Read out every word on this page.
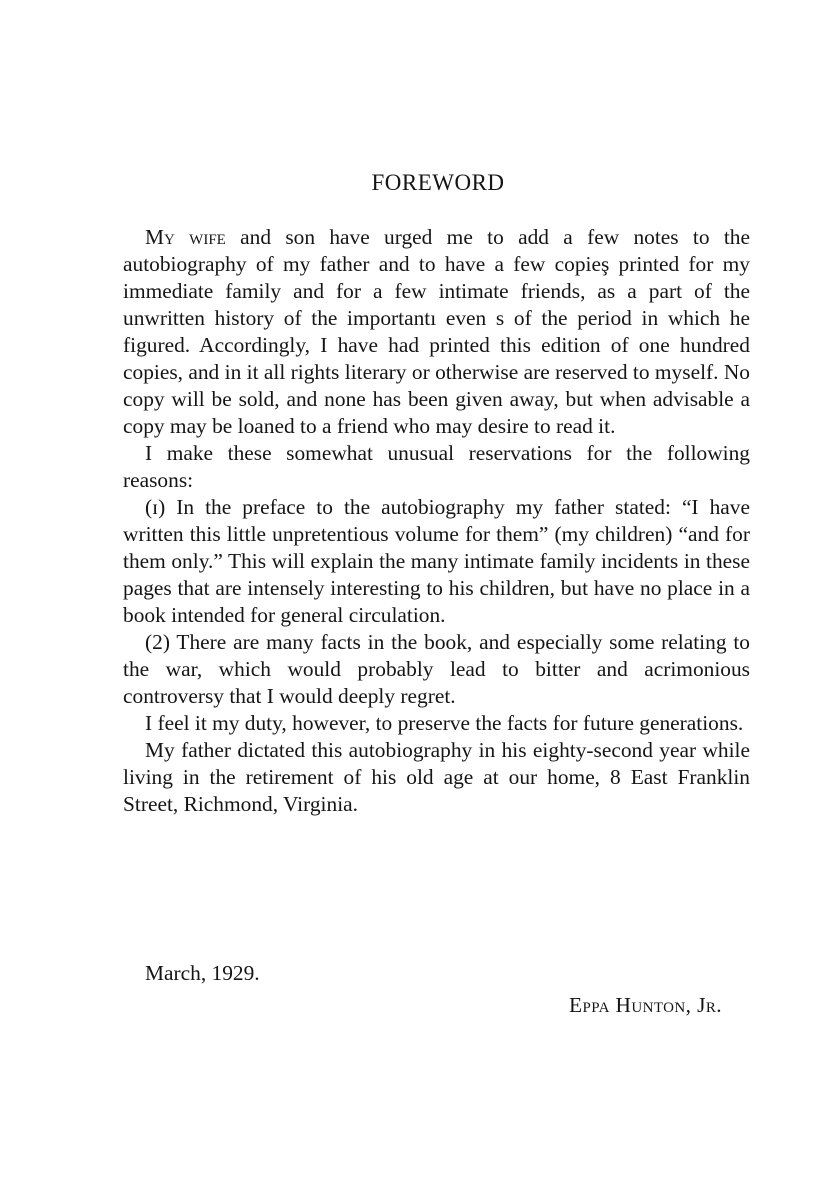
FOREWORD

My wife and son have urged me to add a few notes to the autobiography of my father and to have a few copieş printed for my immediate family and for a few intimate friends, as a part of the unwritten history of the importantı even s of the period in which he figured. Accordingly, I have had printed this edition of one hundred copies, and in it all rights literary or otherwise are reserved to myself. No copy will be sold, and none has been given away, but when advisable a copy may be loaned to a friend who may desire to read it.

I make these somewhat unusual reservations for the following reasons:

(ɪ) In the preface to the autobiography my father stated: “I have written this little unpretentious volume for them” (my children) “and for them only.” This will explain the many intimate family incidents in these pages that are intensely interesting to his children, but have no place in a book intended for general circulation.

(2) There are many facts in the book, and especially some relating to the war, which would probably lead to bitter and acrimonious controversy that I would deeply regret.

I feel it my duty, however, to preserve the facts for future generations.

My father dictated this autobiography in his eighty-second year while living in the retirement of his old age at our home, 8 East Franklin Street, Richmond, Virginia.

March, 1929.
Eppa Hunton, Jr.
